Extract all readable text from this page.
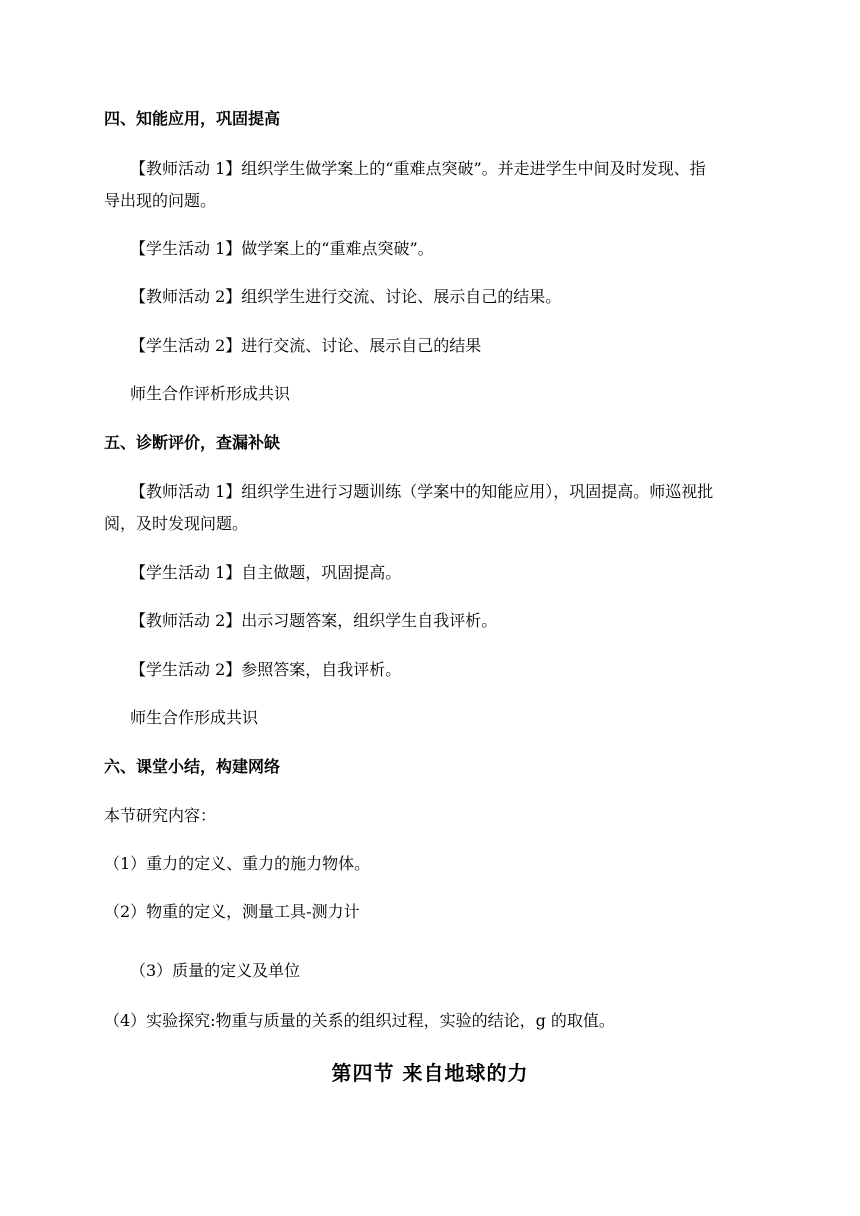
四、知能应用，巩固提高
【教师活动 1】组织学生做学案上的“重难点突破”。并走进学生中间及时发现、指
导出现的问题。
【学生活动 1】做学案上的“重难点突破”。
【教师活动 2】组织学生进行交流、讨论、展示自己的结果。
【学生活动 2】进行交流、讨论、展示自己的结果
师生合作评析形成共识
五、诊断评价，查漏补缺
【教师活动 1】组织学生进行习题训练（学案中的知能应用），巩固提高。师巡视批
阅，及时发现问题。
【学生活动 1】自主做题，巩固提高。
【教师活动 2】出示习题答案，组织学生自我评析。
【学生活动 2】参照答案，自我评析。
师生合作形成共识
六、课堂小结，构建网络
本节研究内容：
（1）重力的定义、重力的施力物体。
（2）物重的定义，测量工具-测力计
（3）质量的定义及单位
（4）实验探究:物重与质量的关系的组织过程，实验的结论，g 的取值。
第四节 来自地球的力
